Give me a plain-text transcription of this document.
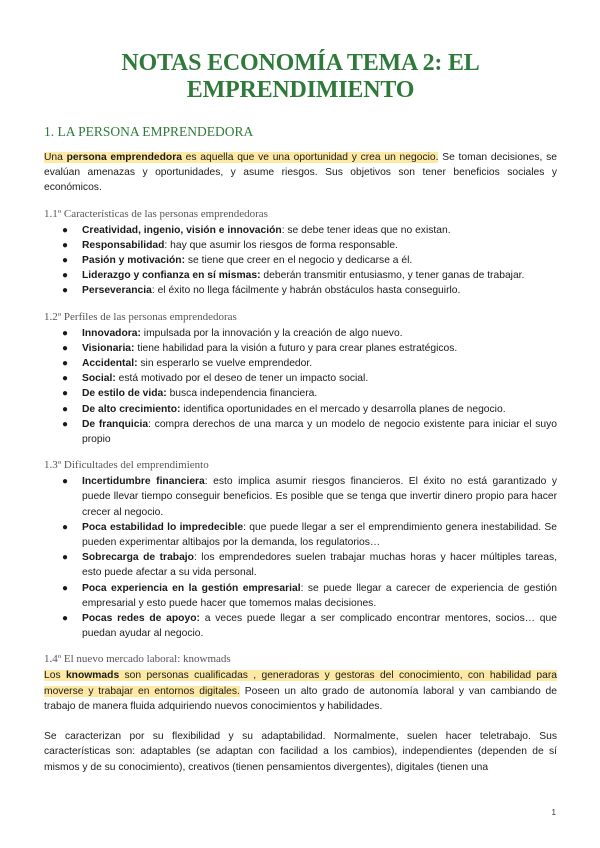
NOTAS ECONOMÍA TEMA 2: EL EMPRENDIMIENTO
1. LA PERSONA EMPRENDEDORA

Una persona emprendedora es aquella que ve una oportunidad y crea un negocio. Se toman decisiones, se evalúan amenazas y oportunidades, y asume riesgos. Sus objetivos son tener beneficios sociales y económicos.

1.1º Características de las personas emprendedoras
● Creatividad, ingenio, visión e innovación: se debe tener ideas que no existan.
● Responsabilidad: hay que asumir los riesgos de forma responsable.
● Pasión y motivación: se tiene que creer en el negocio y dedicarse a él.
● Liderazgo y confianza en sí mismas: deberán transmitir entusiasmo, y tener ganas de trabajar.
● Perseverancia: el éxito no llega fácilmente y habrán obstáculos hasta conseguirlo.
1.2º Perfiles de las personas emprendedoras
● Innovadora: impulsada por la innovación y la creación de algo nuevo.
● Visionaria: tiene habilidad para la visión a futuro y para crear planes estratégicos.
● Accidental: sin esperarlo se vuelve emprendedor.
● Social: está motivado por el deseo de tener un impacto social.
● De estilo de vida: busca independencia financiera.
● De alto crecimiento: identifica oportunidades en el mercado y desarrolla planes de negocio.
● De franquicia: compra derechos de una marca y un modelo de negocio existente para iniciar el suyo propio
1.3º Dificultades del emprendimiento
● Incertidumbre financiera: esto implica asumir riesgos financieros. El éxito no está garantizado y puede llevar tiempo conseguir beneficios. Es posible que se tenga que invertir dinero propio para hacer crecer al negocio.
● Poca estabilidad lo impredecible: que puede llegar a ser el emprendimiento genera inestabilidad. Se pueden experimentar altibajos por la demanda, los regulatorios…
● Sobrecarga de trabajo: los emprendedores suelen trabajar muchas horas y hacer múltiples tareas, esto puede afectar a su vida personal.
● Poca experiencia en la gestión empresarial: se puede llegar a carecer de experiencia de gestión empresarial y esto puede hacer que tomemos malas decisiones.
● Pocas redes de apoyo: a veces puede llegar a ser complicado encontrar mentores, socios… que puedan ayudar al negocio.
1.4º El nuevo mercado laboral: knowmads

Los knowmads son personas cualificadas , generadoras y gestoras del conocimiento, con habilidad para moverse y trabajar en entornos digitales. Poseen un alto grado de autonomía laboral y van cambiando de trabajo de manera fluida adquiriendo nuevos conocimientos y habilidades.

Se caracterizan por su flexibilidad y su adaptabilidad. Normalmente, suelen hacer teletrabajo. Sus características son: adaptables (se adaptan con facilidad a los cambios), independientes (dependen de sí mismos y de su conocimiento), creativos (tienen pensamientos divergentes), digitales (tienen una

1
